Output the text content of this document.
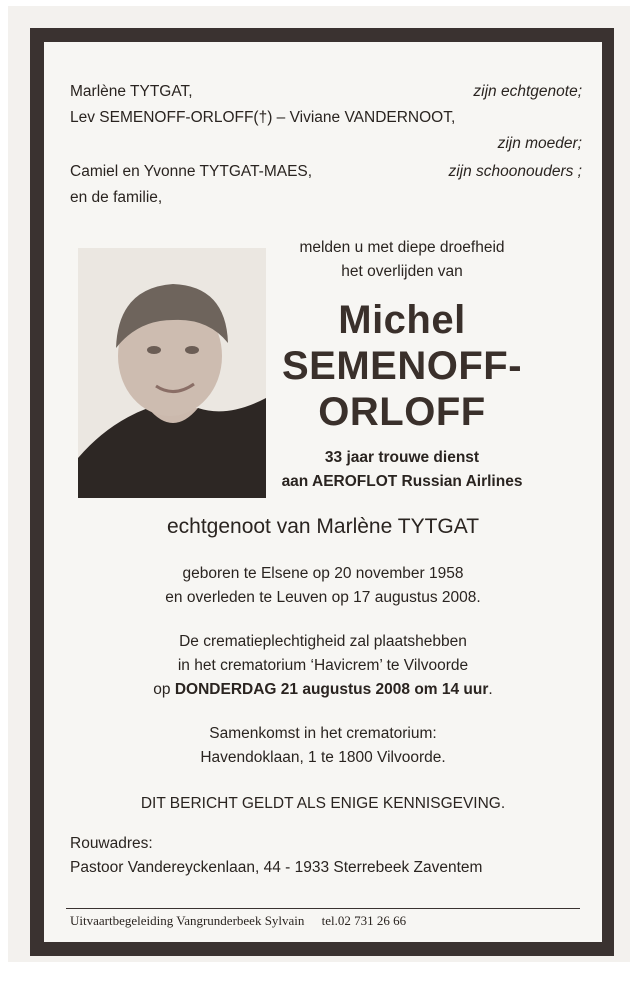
Marlène TYTGAT,	zijn echtgenote;
Lev SEMENOFF-ORLOFF(†) – Viviane VANDERNOOT,
zijn moeder;
Camiel en Yvonne TYTGAT-MAES,	zijn schoonouders ;
en de familie,
melden u met diepe droefheid
het overlijden van
Michel
SEMENOFF-
ORLOFF
33 jaar trouwe dienst
aan AEROFLOT Russian Airlines
echtgenoot van Marlène TYTGAT
geboren te Elsene op 20 november 1958
en overleden te Leuven op 17 augustus 2008.
De crematieplechtigheid zal plaatshebben
in het crematorium ‘Havicrem’ te Vilvoorde
op DONDERDAG 21 augustus 2008 om 14 uur.
Samenkomst in het crematorium:
Havendoklaan, 1 te 1800 Vilvoorde.
DIT BERICHT GELDT ALS ENIGE KENNISGEVING.
Rouwadres:
Pastoor Vandereyckenlaan, 44 - 1933 Sterrebeek Zaventem
Uitvaartbegeleiding Vangrunderbeek Sylvain tel.02 731 26 66
